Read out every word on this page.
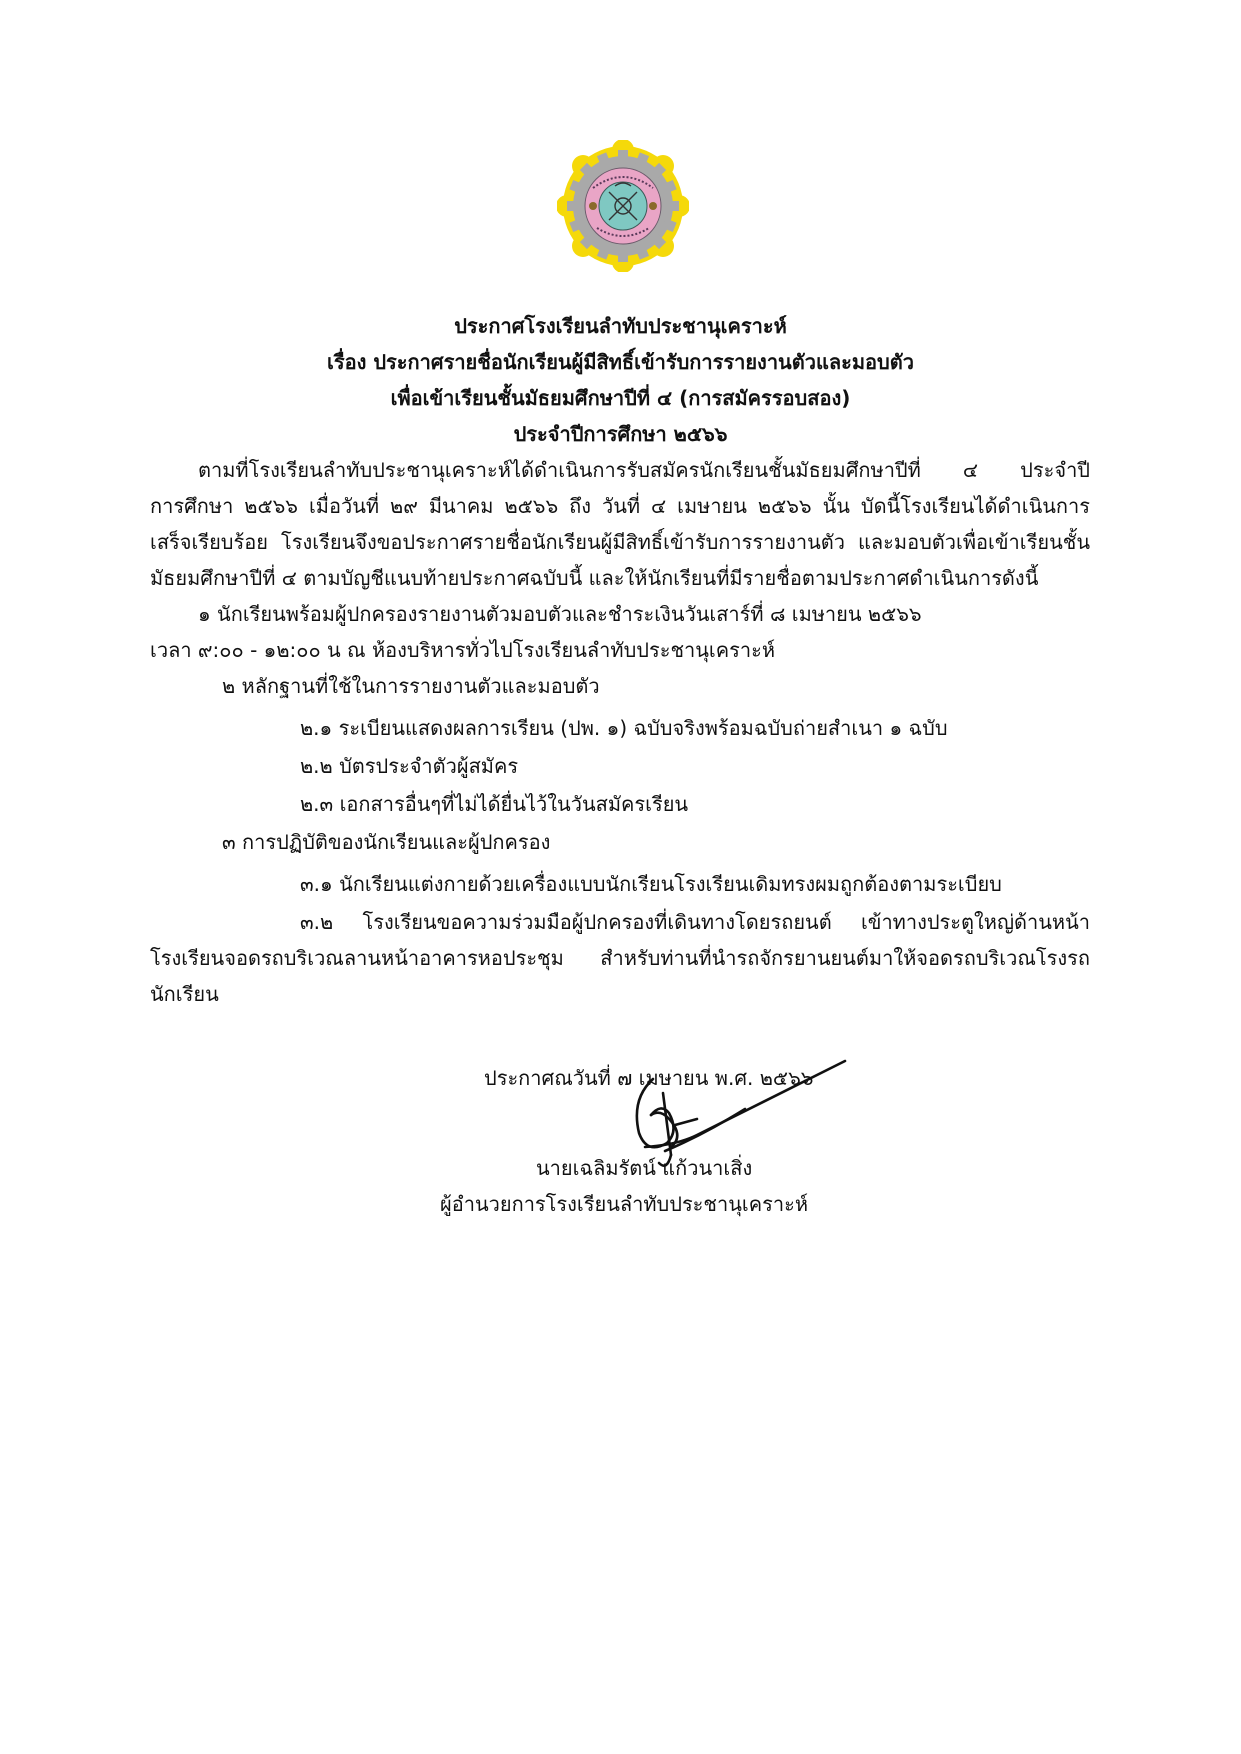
ประกาศโรงเรียนลำทับประชานุเคราะห์
เรื่อง ประกาศรายชื่อนักเรียนผู้มีสิทธิ์เข้ารับการรายงานตัวและมอบตัว
เพื่อเข้าเรียนชั้นมัธยมศึกษาปีที่ ๔ (การสมัครรอบสอง)
ประจำปีการศึกษา ๒๕๖๖
ตามที่โรงเรียนลำทับประชานุเคราะห์ได้ดำเนินการรับสมัครนักเรียนชั้นมัธยมศึกษาปีที่ ๔ ประจำปี
การศึกษา ๒๕๖๖ เมื่อวันที่ ๒๙ มีนาคม ๒๕๖๖ ถึง วันที่ ๔ เมษายน ๒๕๖๖ นั้น บัดนี้โรงเรียนได้ดำเนินการ
เสร็จเรียบร้อย โรงเรียนจึงขอประกาศรายชื่อนักเรียนผู้มีสิทธิ์เข้ารับการรายงานตัว และมอบตัวเพื่อเข้าเรียนชั้น
มัธยมศึกษาปีที่ ๔ ตามบัญชีแนบท้ายประกาศฉบับนี้ และให้นักเรียนที่มีรายชื่อตามประกาศดำเนินการดังนี้
๑ นักเรียนพร้อมผู้ปกครองรายงานตัวมอบตัวและชำระเงินวันเสาร์ที่ ๘ เมษายน ๒๕๖๖
เวลา ๙:๐๐ - ๑๒:๐๐ น ณ ห้องบริหารทั่วไปโรงเรียนลำทับประชานุเคราะห์
๒ หลักฐานที่ใช้ในการรายงานตัวและมอบตัว
๒.๑ ระเบียนแสดงผลการเรียน (ปพ. ๑) ฉบับจริงพร้อมฉบับถ่ายสำเนา ๑ ฉบับ
๒.๒ บัตรประจำตัวผู้สมัคร
๒.๓ เอกสารอื่นๆที่ไม่ได้ยื่นไว้ในวันสมัครเรียน
๓ การปฏิบัติของนักเรียนและผู้ปกครอง
๓.๑ นักเรียนแต่งกายด้วยเครื่องแบบนักเรียนโรงเรียนเดิมทรงผมถูกต้องตามระเบียบ
๓.๒ โรงเรียนขอความร่วมมือผู้ปกครองที่เดินทางโดยรถยนต์ เข้าทางประตูใหญ่ด้านหน้า
โรงเรียนจอดรถบริเวณลานหน้าอาคารหอประชุม สำหรับท่านที่นำรถจักรยานยนต์มาให้จอดรถบริเวณโรงรถ
นักเรียน
ประกาศณวันที่ ๗ เมษายน พ.ศ. ๒๕๖๖
นายเฉลิมรัตน์ แก้วนาเสิ่ง
ผู้อำนวยการโรงเรียนลำทับประชานุเคราะห์
